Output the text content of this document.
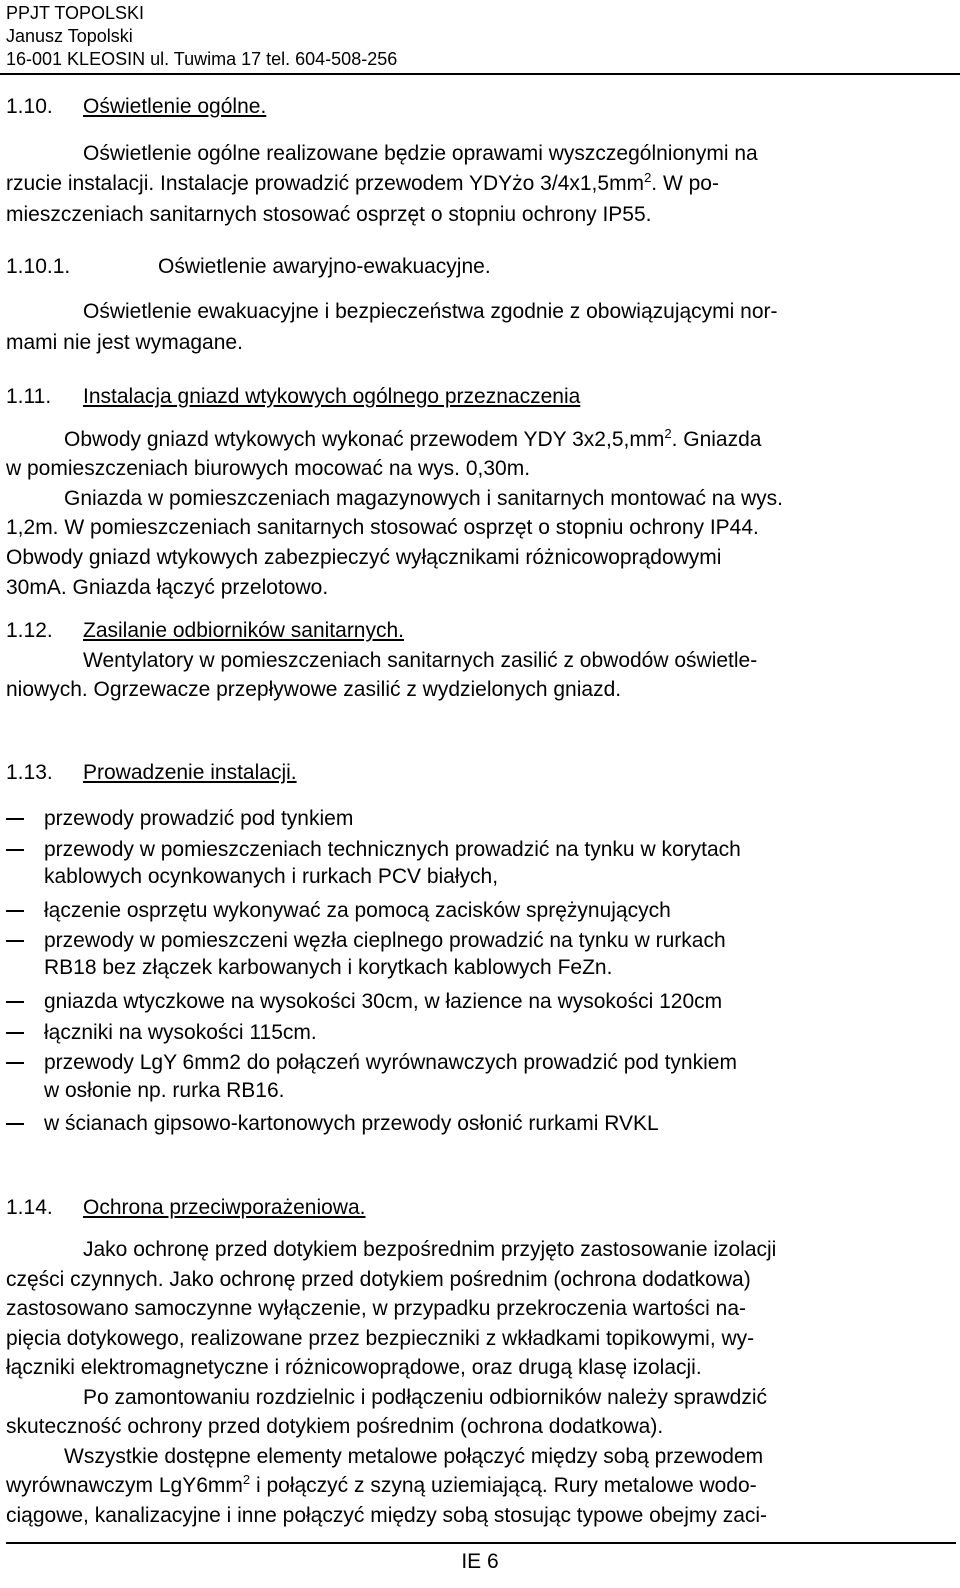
PPJT TOPOLSKI
Janusz Topolski
16-001 KLEOSIN ul. Tuwima 17 tel. 604-508-256
1.10. Oświetlenie ogólne.
Oświetlenie ogólne realizowane będzie oprawami wyszczególnionymi na
rzucie instalacji. Instalacje prowadzić przewodem YDYżo $3/4x1,5mm^2$. W po-
mieszczeniach sanitarnych stosować osprzęt o stopniu ochrony IP55.
1.10.1.	Oświetlenie awaryjno-ewakuacyjne.
Oświetlenie ewakuacyjne i bezpieczeństwa zgodnie z obowiązującymi nor-
mami nie jest wymagane.
1.11. Instalacja gniazd wtykowych ogólnego przeznaczenia
Obwody gniazd wtykowych wykonać przewodem YDY $3x2,5,mm^2$. Gniazda
w pomieszczeniach biurowych mocować na wys. 0,30m.
Gniazda w pomieszczeniach magazynowych i sanitarnych montować na wys.
1,2m. W pomieszczeniach sanitarnych stosować osprzęt o stopniu ochrony IP44.
Obwody gniazd wtykowych zabezpieczyć wyłącznikami różnicowoprądowymi
30mA. Gniazda łączyć przelotowo.
1.12. Zasilanie odbiorników sanitarnych.
Wentylatory w pomieszczeniach sanitarnych zasilić z obwodów oświetle-
niowych. Ogrzewacze przepływowe zasilić z wydzielonych gniazd.
1.13. Prowadzenie instalacji.
przewody prowadzić pod tynkiem
przewody w pomieszczeniach technicznych prowadzić na tynku w korytach
kablowych ocynkowanych i rurkach PCV białych,
łączenie osprzętu wykonywać za pomocą zacisków sprężynujących
przewody w pomieszczeni węzła cieplnego prowadzić na tynku w rurkach
RB18 bez złączek karbowanych i korytkach kablowych FeZn.
gniazda wtyczkowe na wysokości 30cm, w łazience na wysokości 120cm
łączniki na wysokości 115cm.
przewody LgY 6mm2 do połączeń wyrównawczych prowadzić pod tynkiem
w osłonie np. rurka RB16.
w ścianach gipsowo-kartonowych przewody osłonić rurkami RVKL
1.14. Ochrona przeciwporażeniowa.
Jako ochronę przed dotykiem bezpośrednim przyjęto zastosowanie izolacji
części czynnych. Jako ochronę przed dotykiem pośrednim (ochrona dodatkowa)
zastosowano samoczynne wyłączenie, w przypadku przekroczenia wartości na-
pięcia dotykowego, realizowane przez bezpieczniki z wkładkami topikowymi, wy-
łączniki elektromagnetyczne i różnicowoprądowe, oraz drugą klasę izolacji.
Po zamontowaniu rozdzielnic i podłączeniu odbiorników należy sprawdzić
skuteczność ochrony przed dotykiem pośrednim (ochrona dodatkowa).
Wszystkie dostępne elementy metalowe połączyć między sobą przewodem
wyrównawczym $LgY6mm^2$ i połączyć z szyną uziemiającą. Rury metalowe wodo-
ciągowe, kanalizacyjne i inne połączyć między sobą stosując typowe obejmy zaci-
IE 6
